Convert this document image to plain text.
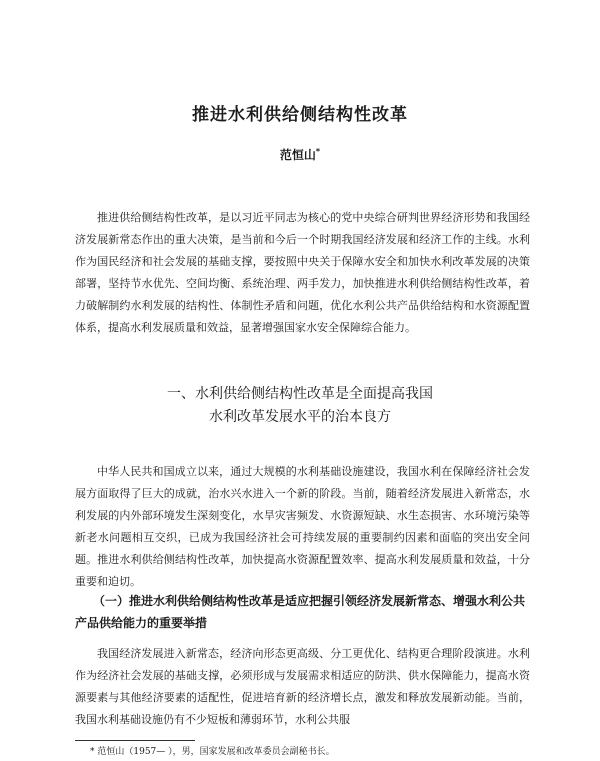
推进水利供给侧结构性改革
范恒山*

推进供给侧结构性改革，是以习近平同志为核心的党中央综合研判世界经济形势和我国经济发展新常态作出的重大决策，是当前和今后一个时期我国经济发展和经济工作的主线。水利作为国民经济和社会发展的基础支撑，要按照中央关于保障水安全和加快水利改革发展的决策部署，坚持节水优先、空间均衡、系统治理、两手发力，加快推进水利供给侧结构性改革，着力破解制约水利发展的结构性、体制性矛盾和问题，优化水利公共产品供给结构和水资源配置体系，提高水利发展质量和效益，显著增强国家水安全保障综合能力。

一、水利供给侧结构性改革是全面提高我国
水利改革发展水平的治本良方

中华人民共和国成立以来，通过大规模的水利基础设施建设，我国水利在保障经济社会发展方面取得了巨大的成就，治水兴水进入一个新的阶段。当前，随着经济发展进入新常态，水利发展的内外部环境发生深刻变化，水旱灾害频发、水资源短缺、水生态损害、水环境污染等新老水问题相互交织，已成为我国经济社会可持续发展的重要制约因素和面临的突出安全问题。推进水利供给侧结构性改革，加快提高水资源配置效率、提高水利发展质量和效益，十分重要和迫切。

（一）推进水利供给侧结构性改革是适应把握引领经济发展新常态、增强水利公共产品供给能力的重要举措

我国经济发展进入新常态，经济向形态更高级、分工更优化、结构更合理阶段演进。水利作为经济社会发展的基础支撑，必须形成与发展需求相适应的防洪、供水保障能力，提高水资源要素与其他经济要素的适配性，促进培育新的经济增长点，激发和释放发展新动能。当前，我国水利基础设施仍有不少短板和薄弱环节，水利公共服

* 范恒山（1957— ），男，国家发展和改革委员会副秘书长。
